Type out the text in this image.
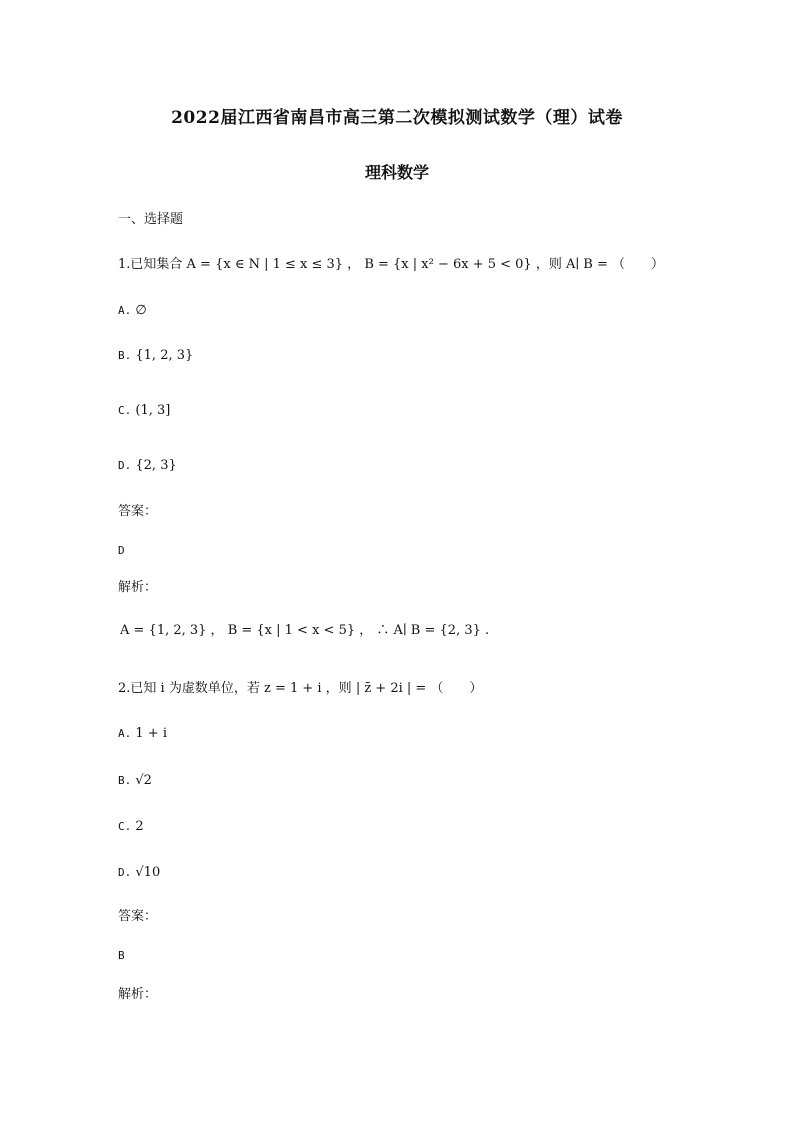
2022届江西省南昌市高三第二次模拟测试数学（理）试卷
理科数学
一、选择题
1.已知集合 A = {x ∈ N | 1 ≤ x ≤ 3} ， B = {x | x² − 6x + 5 < 0} ，则 A∣ B = （　　）
A. ∅
B. {1, 2, 3}
C. (1, 3]
D. {2, 3}
答案：
D
解析：
A = {1, 2, 3} ， B = {x | 1 < x < 5} ， ∴ A∣ B = {2, 3} .
2.已知 i 为虚数单位，若 z = 1 + i ，则 | z̄ + 2i | = （　　）
A. 1 + i
B. √2
C. 2
D. √10
答案：
B
解析：
